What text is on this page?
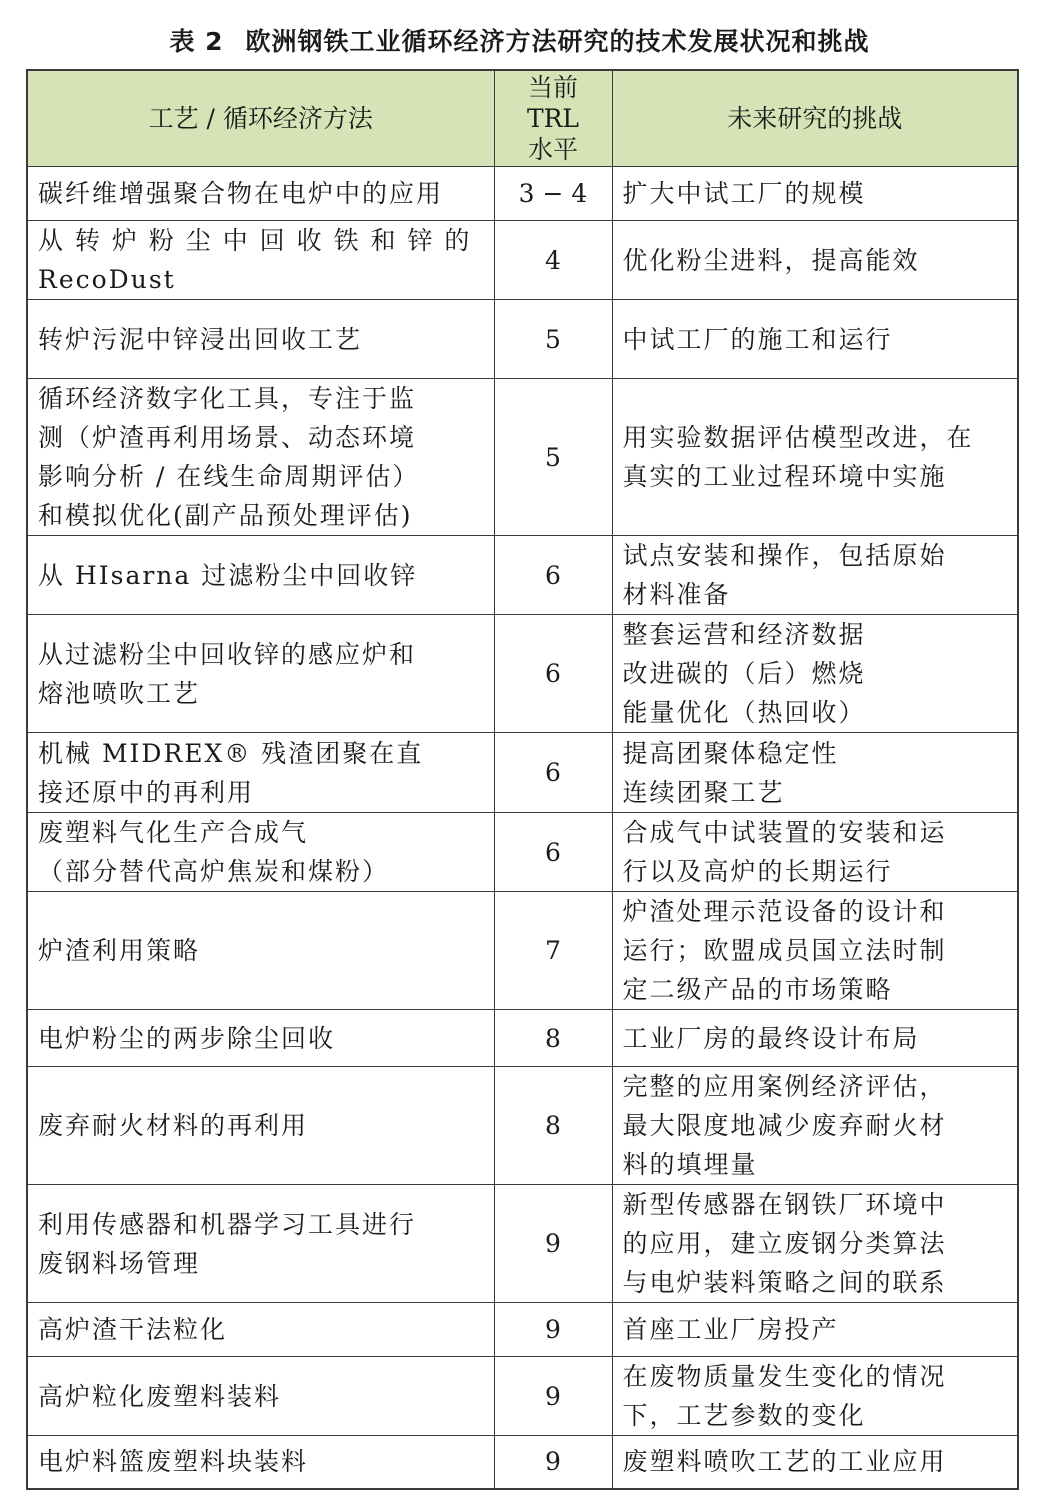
表 2 欧洲钢铁工业循环经济方法研究的技术发展状况和挑战
工艺 / 循环经济方法	当前
TRL
水平	未来研究的挑战

碳纤维增强聚合物在电炉中的应用	3 − 4	扩大中试工厂的规模

从 转 炉 粉 尘 中 回 收 铁 和 锌 的
RecoDust	4	优化粉尘进料，提高能效

转炉污泥中锌浸出回收工艺	5	中试工厂的施工和运行

循环经济数字化工具，专注于监
测（炉渣再利用场景、动态环境
影响分析 / 在线生命周期评估）
和模拟优化(副产品预处理评估)	5	用实验数据评估模型改进，在
真实的工业过程环境中实施

从 HIsarna 过滤粉尘中回收锌	6	试点安装和操作，包括原始
材料准备

从过滤粉尘中回收锌的感应炉和
熔池喷吹工艺	6	整套运营和经济数据
改进碳的（后）燃烧
能量优化（热回收）

机械 MIDREX® 残渣团聚在直
接还原中的再利用	6	提高团聚体稳定性
连续团聚工艺

废塑料气化生产合成气
（部分替代高炉焦炭和煤粉）	6	合成气中试装置的安装和运
行以及高炉的长期运行

炉渣利用策略	7	炉渣处理示范设备的设计和
运行；欧盟成员国立法时制
定二级产品的市场策略

电炉粉尘的两步除尘回收	8	工业厂房的最终设计布局

废弃耐火材料的再利用	8	完整的应用案例经济评估，
最大限度地减少废弃耐火材
料的填埋量

利用传感器和机器学习工具进行
废钢料场管理	9	新型传感器在钢铁厂环境中
的应用，建立废钢分类算法
与电炉装料策略之间的联系

高炉渣干法粒化	9	首座工业厂房投产

高炉粒化废塑料装料	9	在废物质量发生变化的情况
下，工艺参数的变化

电炉料篮废塑料块装料	9	废塑料喷吹工艺的工业应用
